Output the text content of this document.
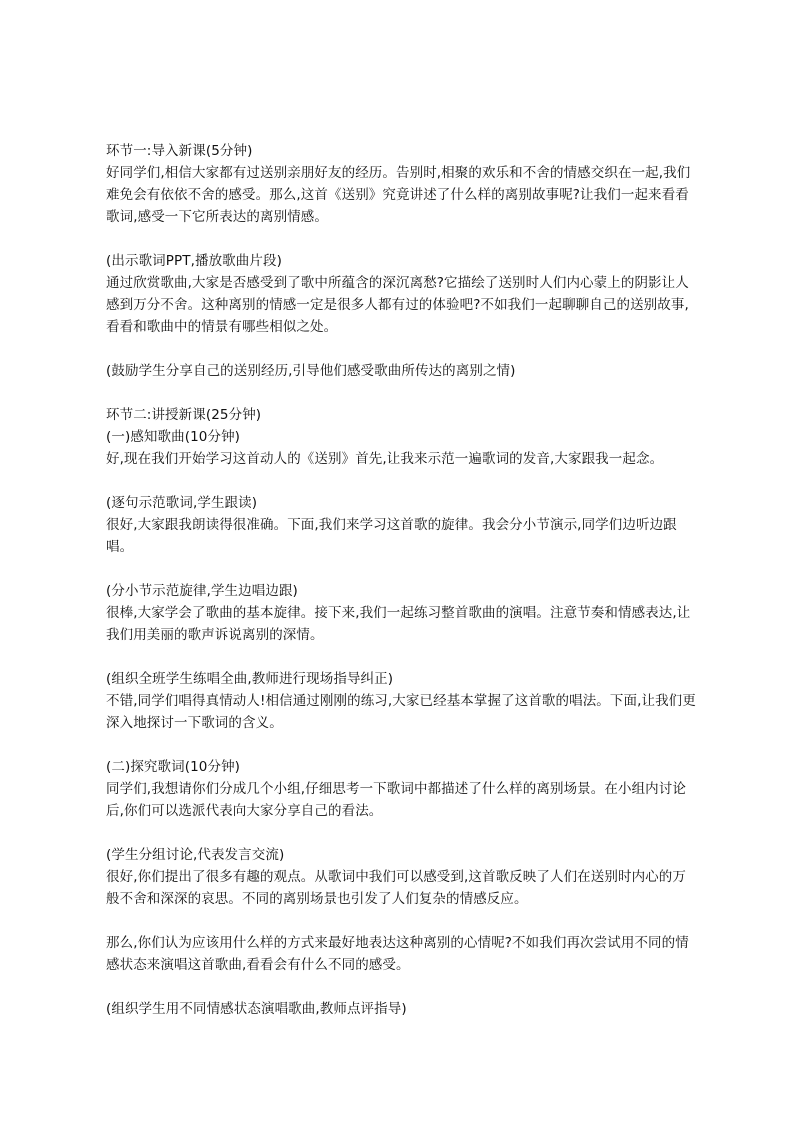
环节一:导入新课(5分钟)

好同学们,相信大家都有过送别亲朋好友的经历。告别时,相聚的欢乐和不舍的情感交织在一起,我们难免会有依依不舍的感受。那么,这首《送别》究竟讲述了什么样的离别故事呢?让我们一起来看看歌词,感受一下它所表达的离别情感。

(出示歌词PPT,播放歌曲片段)

通过欣赏歌曲,大家是否感受到了歌中所蕴含的深沉离愁?它描绘了送别时人们内心蒙上的阴影让人感到万分不舍。这种离别的情感一定是很多人都有过的体验吧?不如我们一起聊聊自己的送别故事,看看和歌曲中的情景有哪些相似之处。

(鼓励学生分享自己的送别经历,引导他们感受歌曲所传达的离别之情)

环节二:讲授新课(25分钟)

(一)感知歌曲(10分钟)

好,现在我们开始学习这首动人的《送别》首先,让我来示范一遍歌词的发音,大家跟我一起念。

(逐句示范歌词,学生跟读)

很好,大家跟我朗读得很准确。下面,我们来学习这首歌的旋律。我会分小节演示,同学们边听边跟唱。

(分小节示范旋律,学生边唱边跟)

很棒,大家学会了歌曲的基本旋律。接下来,我们一起练习整首歌曲的演唱。注意节奏和情感表达,让我们用美丽的歌声诉说离别的深情。

(组织全班学生练唱全曲,教师进行现场指导纠正)

不错,同学们唱得真情动人!相信通过刚刚的练习,大家已经基本掌握了这首歌的唱法。下面,让我们更深入地探讨一下歌词的含义。

(二)探究歌词(10分钟)

同学们,我想请你们分成几个小组,仔细思考一下歌词中都描述了什么样的离别场景。在小组内讨论后,你们可以选派代表向大家分享自己的看法。

(学生分组讨论,代表发言交流)

很好,你们提出了很多有趣的观点。从歌词中我们可以感受到,这首歌反映了人们在送别时内心的万般不舍和深深的哀思。不同的离别场景也引发了人们复杂的情感反应。

那么,你们认为应该用什么样的方式来最好地表达这种离别的心情呢?不如我们再次尝试用不同的情感状态来演唱这首歌曲,看看会有什么不同的感受。

(组织学生用不同情感状态演唱歌曲,教师点评指导)
